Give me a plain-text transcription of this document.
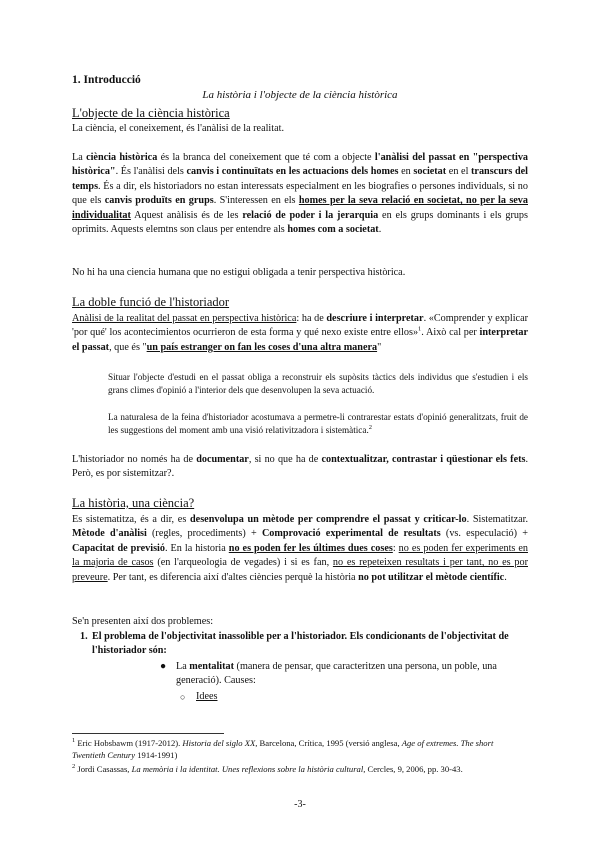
1. Introducció
La història i l'objecte de la ciència històrica
L'objecte de la ciència històrica

La ciència, el coneixement, és l'anàlisi de la realitat.

La ciència històrica és la branca del coneixement que té com a objecte l'anàlisi del passat en "perspectiva històrica". És l'anàlisi dels canvis i continuïtats en les actuacions dels homes en societat en el transcurs del temps. És a dir, els historiadors no estan interessats especialment en les biografies o persones individuals, si no que els canvis produïts en grups. S'interessen en els homes per la seva relació en societat, no per la seva individualitat Aquest anàlisis és de les relació de poder i la jerarquia en els grups dominants i els grups oprimits. Aquests elemtns son claus per entendre als homes com a societat.

No hi ha una ciencia humana que no estigui obligada a tenir perspectiva històrica.

La doble funció de l'historiador

Anàlisi de la realitat del passat en perspectiva històrica: ha de descriure i interpretar. «Comprender y explicar 'por qué' los acontecimientos ocurrieron de esta forma y qué nexo existe entre ellos»$^1$. Això cal per interpretar el passat, que és "un país estranger on fan les coses d'una altra manera"

Situar l'objecte d'estudi en el passat obliga a reconstruir els supòsits tàctics dels individus que s'estudien i els grans climes d'opinió a l'interior dels que desenvolupen la seva actuació.

La naturalesa de la feina d'historiador acostumava a permetre-li contrarestar estats d'opinió generalitzats, fruit de les suggestions del moment amb una visió relativitzadora i sistemàtica.$^2$

L'historiador no només ha de documentar, si no que ha de contextualitzar, contrastar i qüestionar els fets. Però, es por sistemitzar?.

La història, una ciència?

Es sistematitza, és a dir, es desenvolupa un mètode per comprendre el passat y criticar-lo. Sistematitzar. Mètode d'anàlisi (regles, procediments) + Comprovació experimental de resultats (vs. especulació) + Capacitat de previsió. En la historia no es poden fer les últimes dues coses: no es poden fer experiments en la majoria de casos (en l'arqueologia de vegades) i si es fan, no es repeteixen resultats i per tant, no es por preveure. Per tant, es diferencia així d'altes ciències perquè la història no pot utilitzar el mètode científic.

Se'n presenten així dos problemes:

1. El problema de l'objectivitat inassolible per a l'historiador. Els condicionants de l'objectivitat de l'historiador són:
● La mentalitat (manera de pensar, que caracteritzen una persona, un poble, una generació). Causes:
○ Idees

$^1$ Eric Hobsbawm (1917-2012). Historia del siglo XX, Barcelona, Crítica, 1995 (versió anglesa, Age of extremes. The short Twentieth Century 1914-1991)

$^2$ Jordi Casassas, La memòria i la identitat. Unes reflexions sobre la història cultural, Cercles, 9, 2006, pp. 30-43.

-3-
